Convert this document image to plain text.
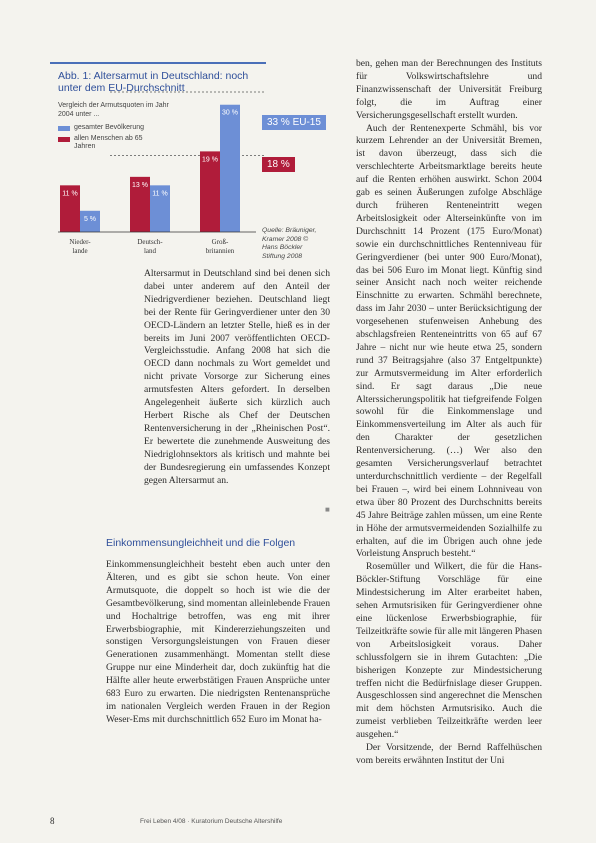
Abb. 1: Altersarmut in Deutschland: noch unter dem EU-Durchschnitt
Vergleich der Armutsquoten im Jahr 2004 unter ...
gesamter Bevölkerung
allen Menschen ab 65 Jahren
11 %
5 %
Nieder-lande
13 %
11 %
Deutsch-land
19 %
30 %
Groß-britannien
33 % EU-15
18 %
Quelle: Bräuniger, Kramer 2008 © Hans Böckler Stiftung 2008

Altersarmut in Deutschland sind bei denen sich dabei unter anderem auf den Anteil der Niedrigverdiener beziehen. Deutschland liegt bei der Rente für Geringverdiener unter den 30 OECD-Ländern an letzter Stelle, hieß es in der bereits im Juni 2007 veröffentlichten OECD-Vergleichsstudie. Anfang 2008 hat sich die OECD dann nochmals zu Wort gemeldet und nicht private Vorsorge zur Sicherung eines armutsfesten Alters gefordert. In derselben Angelegenheit äußerte sich kürzlich auch Herbert Rische als Chef der Deutschen Rentenversicherung in der „Rheinischen Post“. Er bewertete die zunehmende Ausweitung des Niedriglohnsektors als kritisch und mahnte bei der Bundesregierung ein umfassendes Konzept gegen Altersarmut an.

■
Einkommensungleichheit und die Folgen

Einkommensungleichheit besteht eben auch unter den Älteren, und es gibt sie schon heute. Von einer Armutsquote, die doppelt so hoch ist wie die der Gesamtbevölkerung, sind momentan alleinlebende Frauen und Hochaltrige betroffen, was eng mit ihrer Erwerbsbiographie, mit Kindererziehungszeiten und sonstigen Versorgungsleistungen von Frauen dieser Generationen zusammenhängt. Momentan stellt diese Gruppe nur eine Minderheit dar, doch zukünftig hat die Hälfte aller heute erwerbstätigen Frauen Ansprüche unter 683 Euro zu erwarten. Die niedrigsten Rentenansprüche im nationalen Vergleich werden Frauen in der Region Weser-Ems mit durchschnittlich 652 Euro im Monat ha-

ben, gehen man der Berechnungen des Instituts für Volkswirtschaftslehre und Finanzwissenschaft der Universität Freiburg folgt, die im Auftrag einer Versicherungsgesellschaft erstellt wurden.

Auch der Rentenexperte Schmähl, bis vor kurzem Lehrender an der Universität Bremen, ist davon überzeugt, dass sich die verschlechterte Arbeitsmarktlage bereits heute auf die Renten erhöhen auswirkt. Schon 2004 gab es seinen Äußerungen zufolge Abschläge durch früheren Renteneintritt wegen Arbeitslosigkeit oder Alterseinkünfte von im Durchschnitt 14 Prozent (175 Euro/Monat) sowie ein durchschnittliches Rentenniveau für Geringverdiener (bei unter 900 Euro/Monat), das bei 506 Euro im Monat liegt. Künftig sind seiner Ansicht nach noch weiter reichende Einschnitte zu erwarten. Schmähl berechnete, dass im Jahr 2030 – unter Berücksichtigung der vorgesehenen stufenweisen Anhebung des abschlagsfreien Renteneintritts von 65 auf 67 Jahre – nicht nur wie heute etwa 25, sondern rund 37 Beitragsjahre (also 37 Entgeltpunkte) zur Armutsvermeidung im Alter erforderlich sind. Er sagt daraus „Die neue Alterssicherungspolitik hat tiefgreifende Folgen sowohl für die Einkommenslage und Einkommensverteilung im Alter als auch für den Charakter der gesetzlichen Rentenversicherung. (…) Wer also den gesamten Versicherungsverlauf betrachtet unterdurchschnittlich verdiente – der Regelfall bei Frauen –, wird bei einem Lohnniveau von etwa über 80 Prozent des Durchschnitts bereits 45 Jahre Beiträge zahlen müssen, um eine Rente in Höhe der armutsvermeidenden Sozialhilfe zu erhalten, auf die im Übrigen auch ohne jede Vorleistung Anspruch besteht.“

Rosemüller und Wilkert, die für die Hans-Böckler-Stiftung Vorschläge für eine Mindestsicherung im Alter erarbeitet haben, sehen Armutsrisiken für Geringverdiener ohne eine lückenlose Erwerbsbiographie, für Teilzeitkräfte sowie für alle mit längeren Phasen von Arbeitslosigkeit voraus. Daher schlussfolgern sie in ihrem Gutachten: „Die bisherigen Konzepte zur Mindestsicherung treffen nicht die Bedürfnislage dieser Gruppen. Ausgeschlossen sind angerechnet die Menschen mit dem höchsten Armutsrisiko. Auch die zumeist verblieben Teilzeitkräfte werden leer ausgehen.“

Der Vorsitzende, der Bernd Raffelhüschen vom bereits erwähnten Institut der Uni

8	Frei Leben 4/08 · Kuratorium Deutsche Altershilfe
